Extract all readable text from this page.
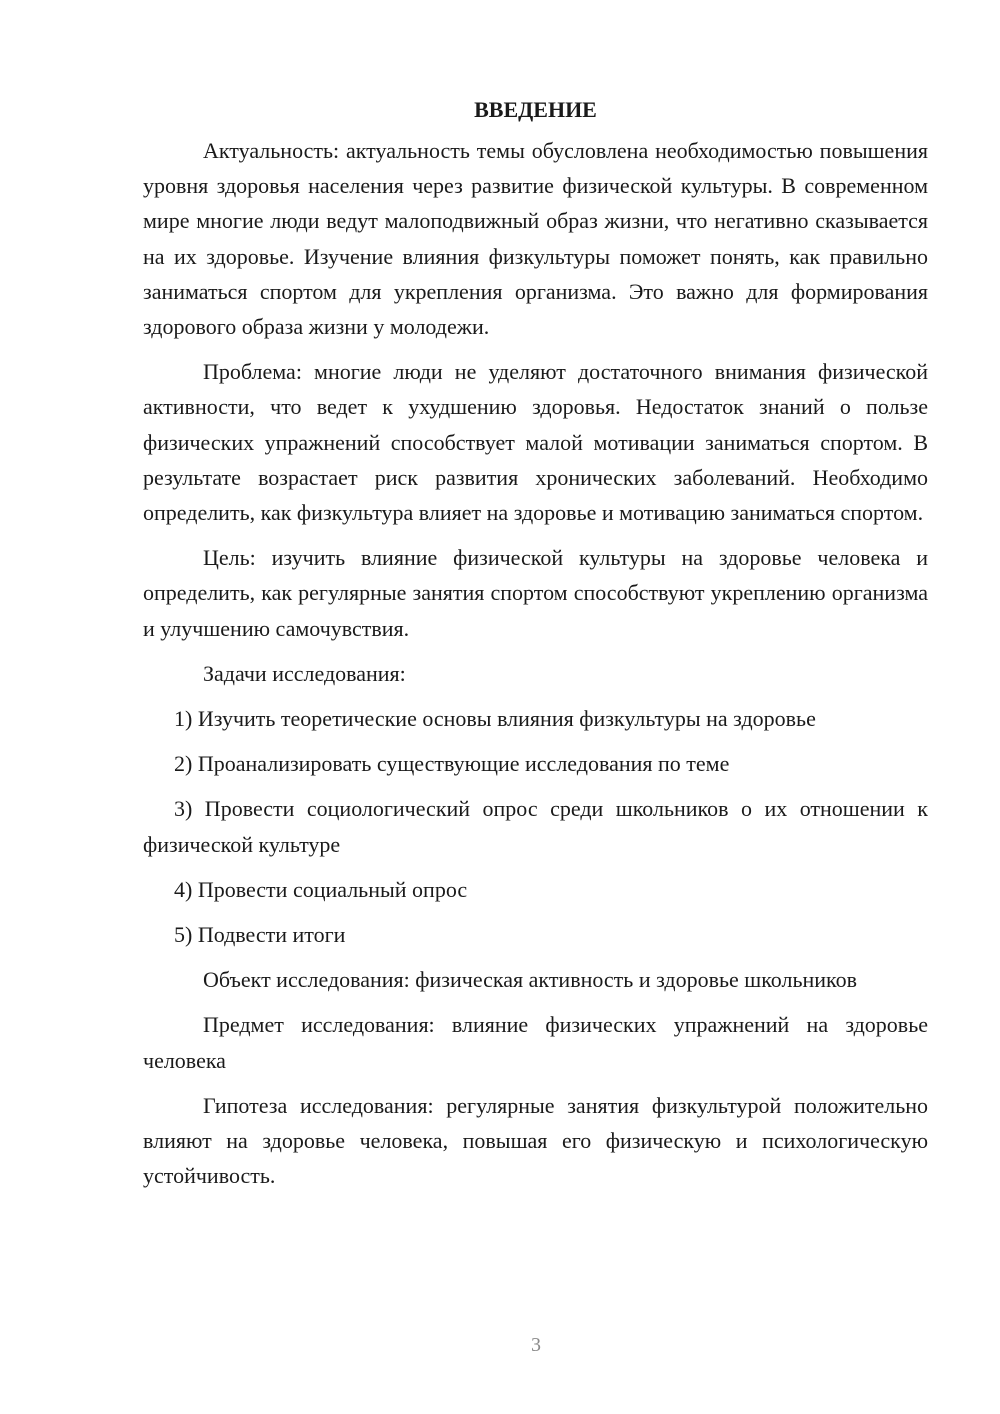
ВВЕДЕНИЕ

Актуальность: актуальность темы обусловлена необходимостью повышения уровня здоровья населения через развитие физической культуры. В современном мире многие люди ведут малоподвижный образ жизни, что негативно сказывается на их здоровье. Изучение влияния физкультуры поможет понять, как правильно заниматься спортом для укрепления организма. Это важно для формирования здорового образа жизни у молодежи.

Проблема: многие люди не уделяют достаточного внимания физической активности, что ведет к ухудшению здоровья. Недостаток знаний о пользе физических упражнений способствует малой мотивации заниматься спортом. В результате возрастает риск развития хронических заболеваний. Необходимо определить, как физкультура влияет на здоровье и мотивацию заниматься спортом.

Цель: изучить влияние физической культуры на здоровье человека и определить, как регулярные занятия спортом способствуют укреплению организма и улучшению самочувствия.

Задачи исследования:

1) Изучить теоретические основы влияния физкультуры на здоровье

2) Проанализировать существующие исследования по теме

3) Провести социологический опрос среди школьников о их отношении к физической культуре

4) Провести социальный опрос

5) Подвести итоги

Объект исследования: физическая активность и здоровье школьников

Предмет исследования: влияние физических упражнений на здоровье человека

Гипотеза исследования: регулярные занятия физкультурой положительно влияют на здоровье человека, повышая его физическую и психологическую устойчивость.

3
